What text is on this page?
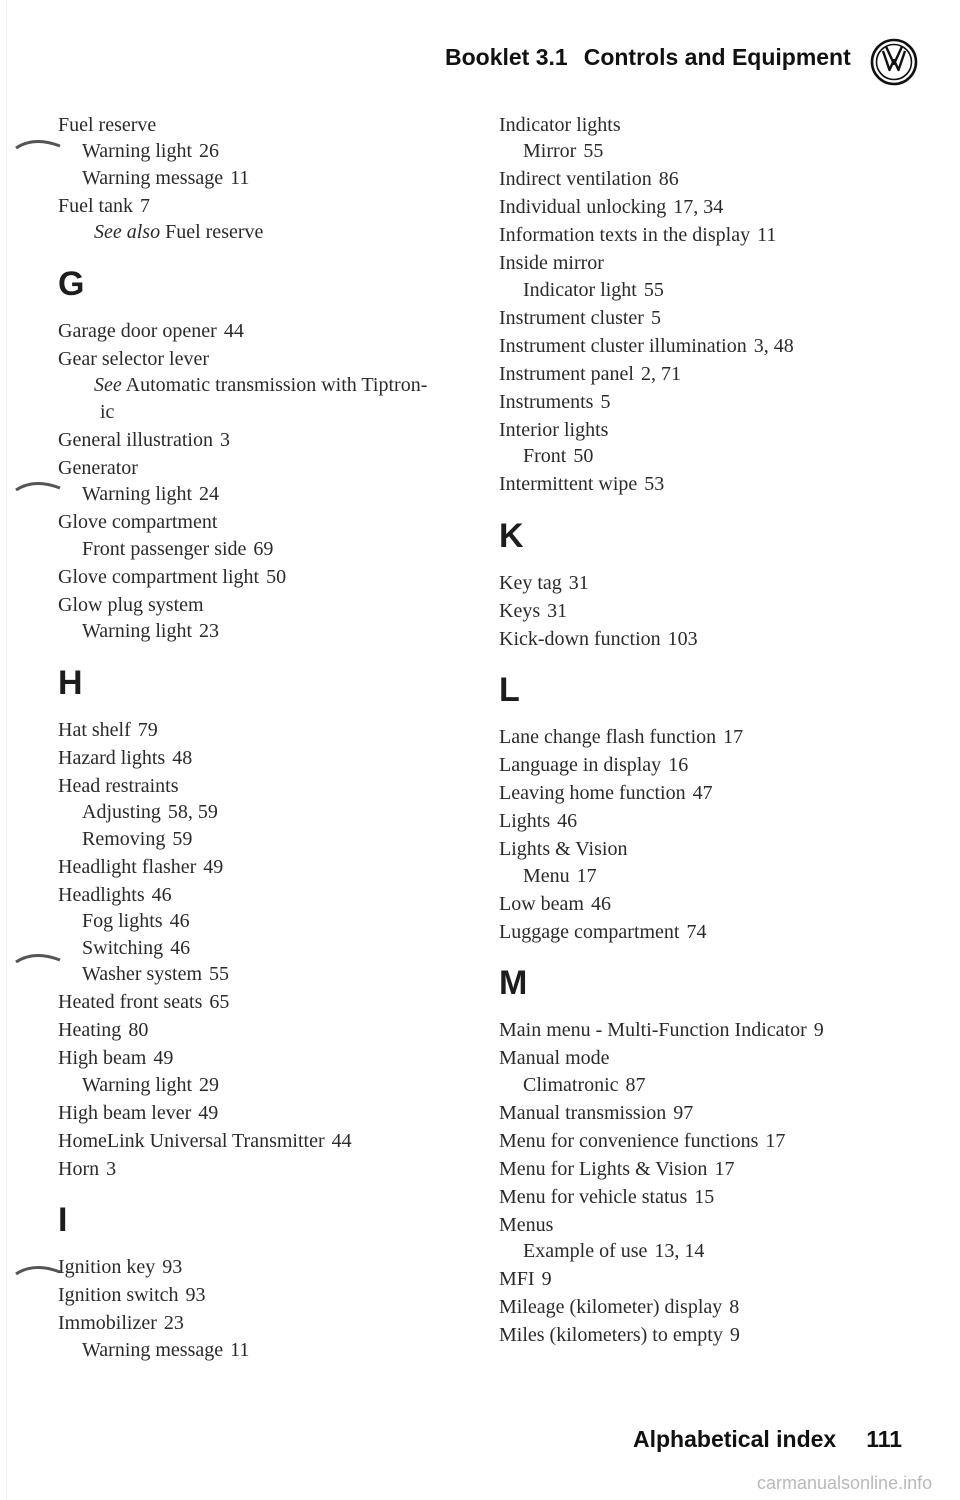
Booklet 3.1 Controls and Equipment
Fuel reserve
Warning light 26
Warning message 11
Fuel tank 7
See also Fuel reserve
G
Garage door opener 44
Gear selector lever
See Automatic transmission with Tiptron-
ic
General illustration 3
Generator
Warning light 24
Glove compartment
Front passenger side 69
Glove compartment light 50
Glow plug system
Warning light 23
H
Hat shelf 79
Hazard lights 48
Head restraints
Adjusting 58, 59
Removing 59
Headlight flasher 49
Headlights 46
Fog lights 46
Switching 46
Washer system 55
Heated front seats 65
Heating 80
High beam 49
Warning light 29
High beam lever 49
HomeLink Universal Transmitter 44
Horn 3
I
Ignition key 93
Ignition switch 93
Immobilizer 23
Warning message 11
Indicator lights
Mirror 55
Indirect ventilation 86
Individual unlocking 17, 34
Information texts in the display 11
Inside mirror
Indicator light 55
Instrument cluster 5
Instrument cluster illumination 3, 48
Instrument panel 2, 71
Instruments 5
Interior lights
Front 50
Intermittent wipe 53
K
Key tag 31
Keys 31
Kick-down function 103
L
Lane change flash function 17
Language in display 16
Leaving home function 47
Lights 46
Lights & Vision
Menu 17
Low beam 46
Luggage compartment 74
M
Main menu - Multi-Function Indicator 9
Manual mode
Climatronic 87
Manual transmission 97
Menu for convenience functions 17
Menu for Lights & Vision 17
Menu for vehicle status 15
Menus
Example of use 13, 14
MFI 9
Mileage (kilometer) display 8
Miles (kilometers) to empty 9
Alphabetical index 111
carmanualsonline.info
